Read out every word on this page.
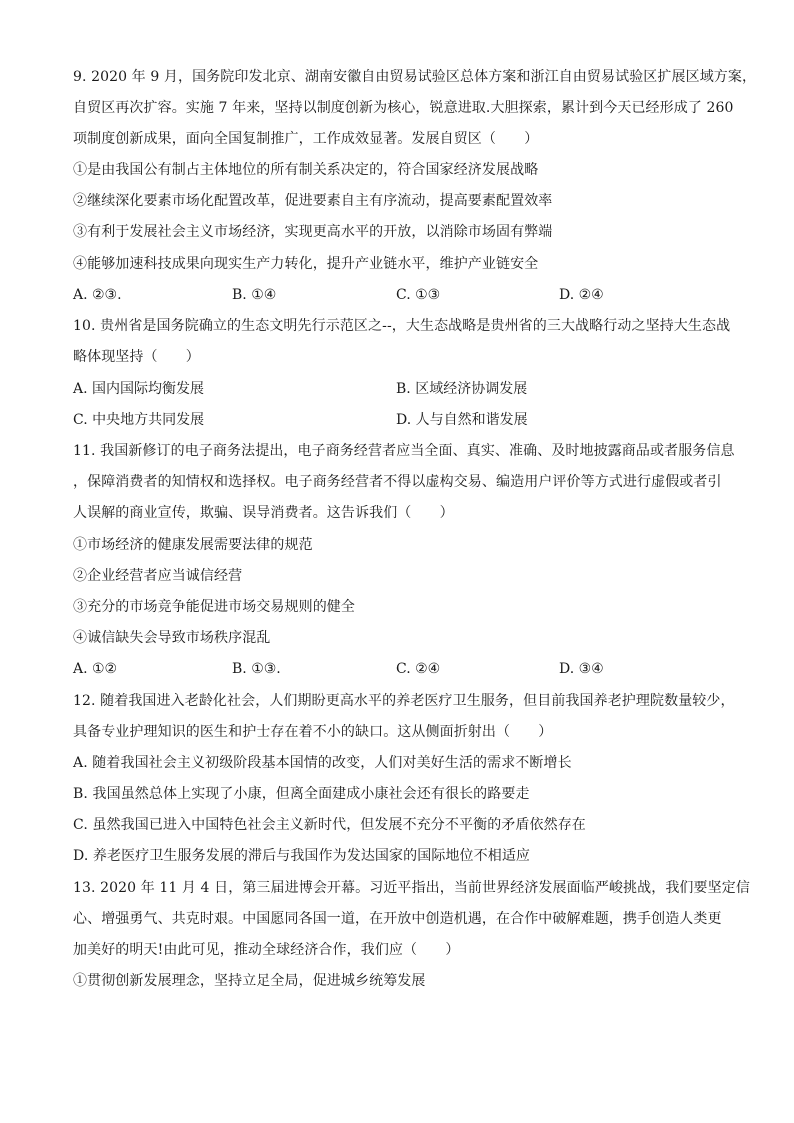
9. 2020 年 9 月，国务院印发北京、湖南安徽自由贸易试验区总体方案和浙江自由贸易试验区扩展区域方案，
自贸区再次扩容。实施 7 年来，坚持以制度创新为核心，锐意进取.大胆探索，累计到今天已经形成了 260
项制度创新成果，面向全国复制推广，工作成效显著。发展自贸区（　　）
①是由我国公有制占主体地位的所有制关系决定的，符合国家经济发展战略
②继续深化要素市场化配置改革，促进要素自主有序流动，提高要素配置效率
③有利于发展社会主义市场经济，实现更高水平的开放，以消除市场固有弊端
④能够加速科技成果向现实生产力转化，提升产业链水平，维护产业链安全
A. ②③.	B. ①④	C. ①③	D. ②④
10. 贵州省是国务院确立的生态文明先行示范区之--，大生态战略是贵州省的三大战略行动之坚持大生态战
略体现坚持（　　）
A. 国内国际均衡发展	B. 区域经济协调发展
C. 中央地方共同发展	D. 人与自然和谐发展
11. 我国新修订的电子商务法提出，电子商务经营者应当全面、真实、准确、及时地披露商品或者服务信息
，保障消费者的知情权和选择权。电子商务经营者不得以虚构交易、编造用户评价等方式进行虚假或者引
人误解的商业宣传，欺骗、误导消费者。这告诉我们（　　）
①市场经济的健康发展需要法律的规范
②企业经营者应当诚信经营
③充分的市场竞争能促进市场交易规则的健全
④诚信缺失会导致市场秩序混乱
A. ①②	B. ①③.	C. ②④	D. ③④
12. 随着我国进入老龄化社会，人们期盼更高水平的养老医疗卫生服务，但目前我国养老护理院数量较少，
具备专业护理知识的医生和护士存在着不小的缺口。这从侧面折射出（　　）
A. 随着我国社会主义初级阶段基本国情的改变，人们对美好生活的需求不断增长
B. 我国虽然总体上实现了小康，但离全面建成小康社会还有很长的路要走
C. 虽然我国已进入中国特色社会主义新时代，但发展不充分不平衡的矛盾依然存在
D. 养老医疗卫生服务发展的滞后与我国作为发达国家的国际地位不相适应
13. 2020 年 11 月 4 日，第三届进博会开幕。习近平指出，当前世界经济发展面临严峻挑战，我们要坚定信
心、增强勇气、共克时艰。中国愿同各国一道，在开放中创造机遇，在合作中破解难题，携手创造人类更
加美好的明天!由此可见，推动全球经济合作，我们应（　　）
①贯彻创新发展理念，坚持立足全局，促进城乡统筹发展
